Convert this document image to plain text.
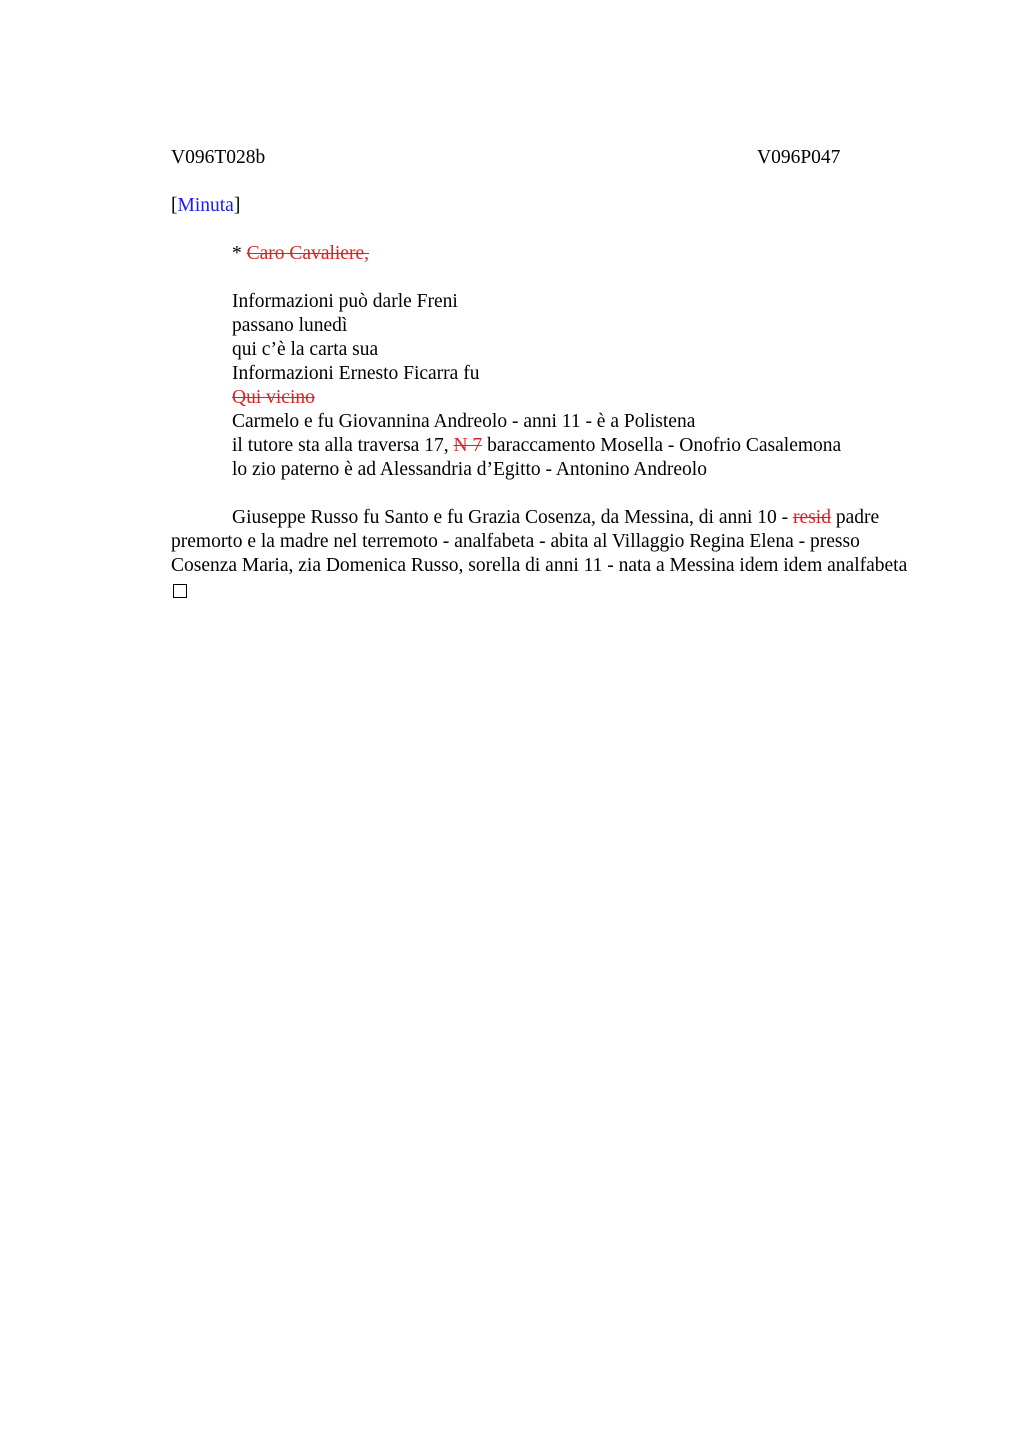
V096T028b	V096P047
[Minuta]
* Caro Cavaliere,
Informazioni può darle Freni
passano lunedì
qui c’è la carta sua
Informazioni Ernesto Ficarra fu
Qui vicino
Carmelo e fu Giovannina Andreolo - anni 11 - è a Polistena
il tutore sta alla traversa 17, N 7 baraccamento Mosella - Onofrio Casalemona
lo zio paterno è ad Alessandria d’Egitto - Antonino Andreolo
Giuseppe Russo fu Santo e fu Grazia Cosenza, da Messina, di anni 10 - resid padre premorto e la madre nel terremoto - analfabeta - abita al Villaggio Regina Elena - presso Cosenza Maria, zia Domenica Russo, sorella di anni 11 - nata a Messina idem idem analfabeta
